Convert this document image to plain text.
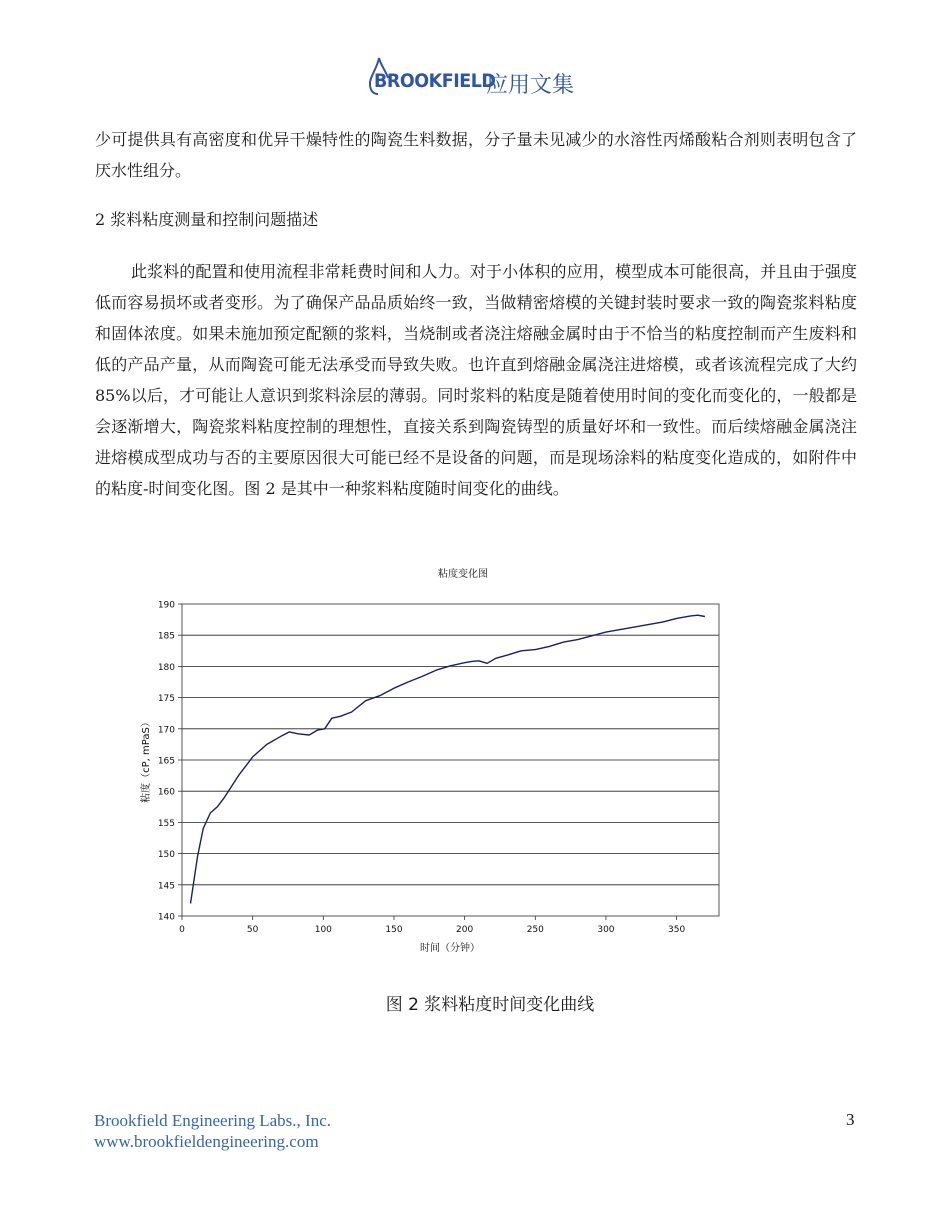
BROOKFIELD
应用文集

少可提供具有高密度和优异干燥特性的陶瓷生料数据，分子量未见减少的水溶性丙烯酸粘合剂则表明包含了厌水性组分。

2 浆料粘度测量和控制问题描述

此浆料的配置和使用流程非常耗费时间和人力。对于小体积的应用，模型成本可能很高，并且由于强度低而容易损坏或者变形。为了确保产品品质始终一致，当做精密熔模的关键封装时要求一致的陶瓷浆料粘度和固体浓度。如果未施加预定配额的浆料，当烧制或者浇注熔融金属时由于不恰当的粘度控制而产生废料和低的产品产量，从而陶瓷可能无法承受而导致失败。也许直到熔融金属浇注进熔模，或者该流程完成了大约 85%以后，才可能让人意识到浆料涂层的薄弱。同时浆料的粘度是随着使用时间的变化而变化的，一般都是会逐渐增大，陶瓷浆料粘度控制的理想性，直接关系到陶瓷铸型的质量好坏和一致性。而后续熔融金属浇注进熔模成型成功与否的主要原因很大可能已经不是设备的问题，而是现场涂料的粘度变化造成的，如附件中的粘度-时间变化图。图 2 是其中一种浆料粘度随时间变化的曲线。

粘度变化图
140
145
150
155
160
165
170
175
180
185
190
0	50	100	150	200	250	300	350
时间（分钟）
粘度（cP, mPaS）
图 2 浆料粘度时间变化曲线
Brookfield Engineering Labs., Inc.
www.brookfieldengineering.com
3
